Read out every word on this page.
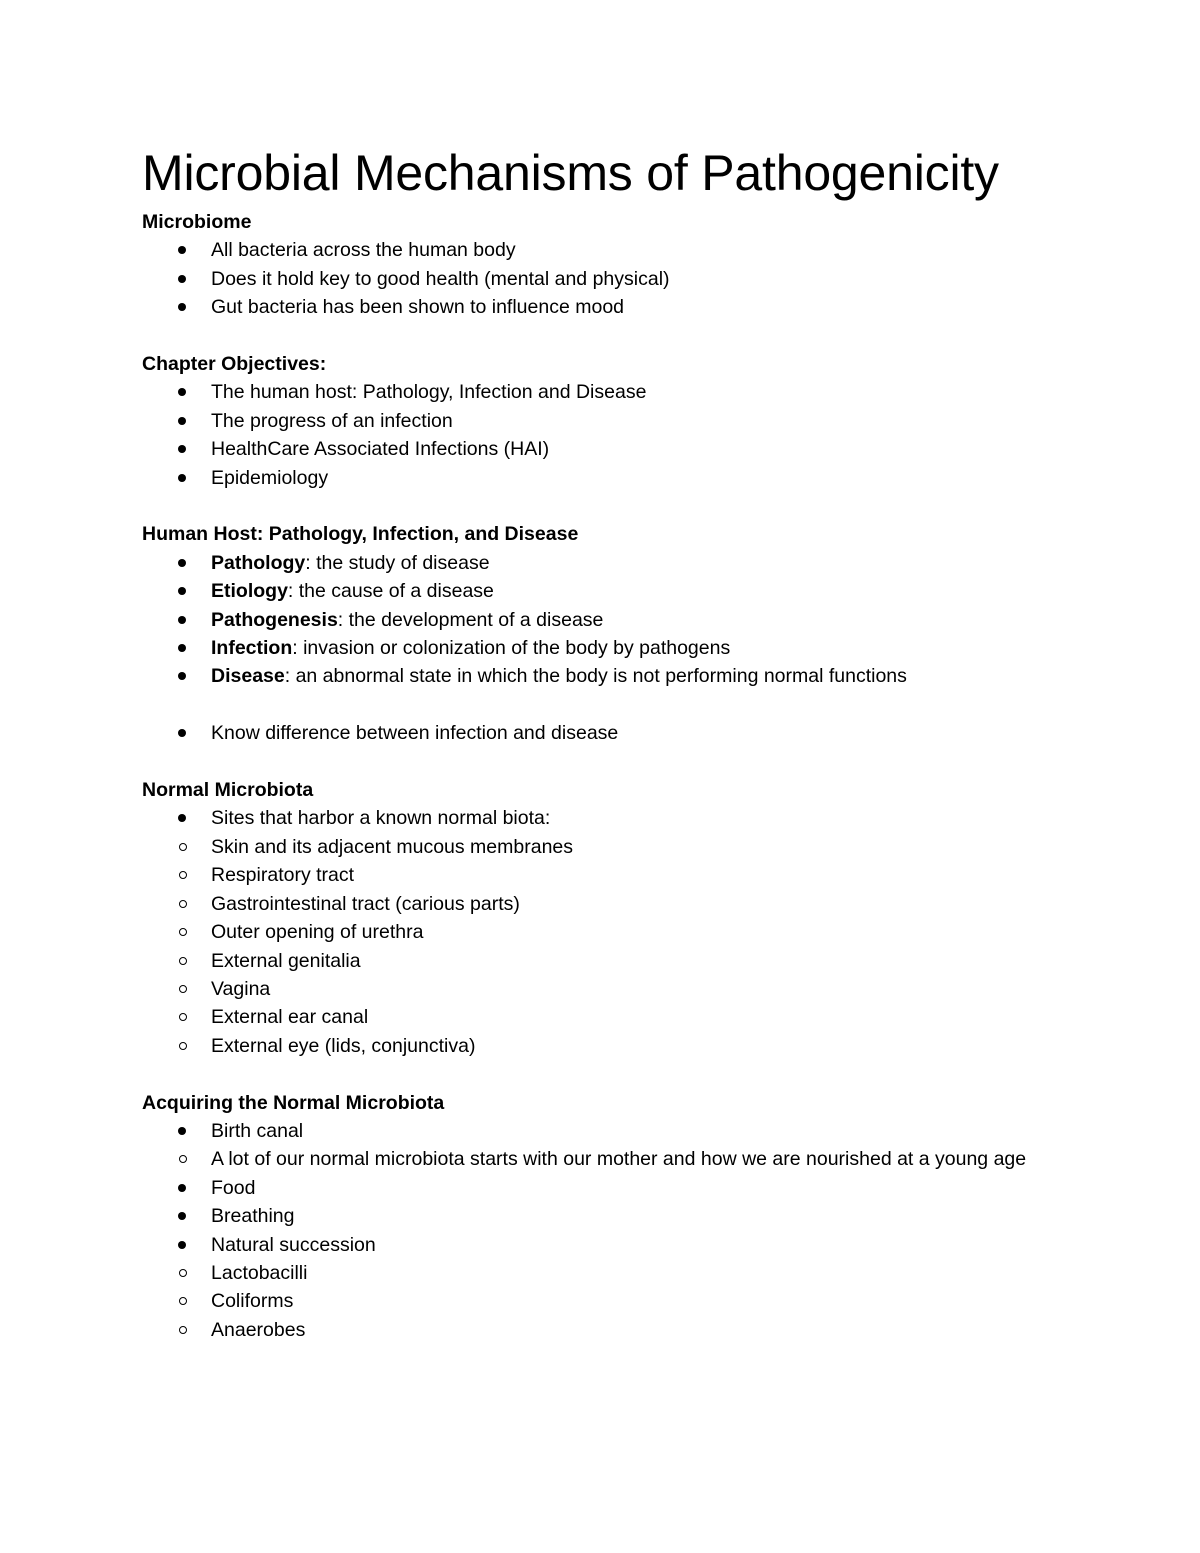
Microbial Mechanisms of Pathogenicity

Microbiome

All bacteria across the human body
Does it hold key to good health (mental and physical)
Gut bacteria has been shown to influence mood

Chapter Objectives:

The human host: Pathology, Infection and Disease
The progress of an infection
HealthCare Associated Infections (HAI)
Epidemiology

Human Host: Pathology, Infection, and Disease

Pathology: the study of disease
Etiology: the cause of a disease
Pathogenesis: the development of a disease
Infection: invasion or colonization of the body by pathogens
Disease: an abnormal state in which the body is not performing normal functions
Know difference between infection and disease

Normal Microbiota

Sites that harbor a known normal biota:
Skin and its adjacent mucous membranes
Respiratory tract
Gastrointestinal tract (carious parts)
Outer opening of urethra
External genitalia
Vagina
External ear canal
External eye (lids, conjunctiva)

Acquiring the Normal Microbiota

Birth canal
A lot of our normal microbiota starts with our mother and how we are nourished at a young age
Food
Breathing
Natural succession
Lactobacilli
Coliforms
Anaerobes
